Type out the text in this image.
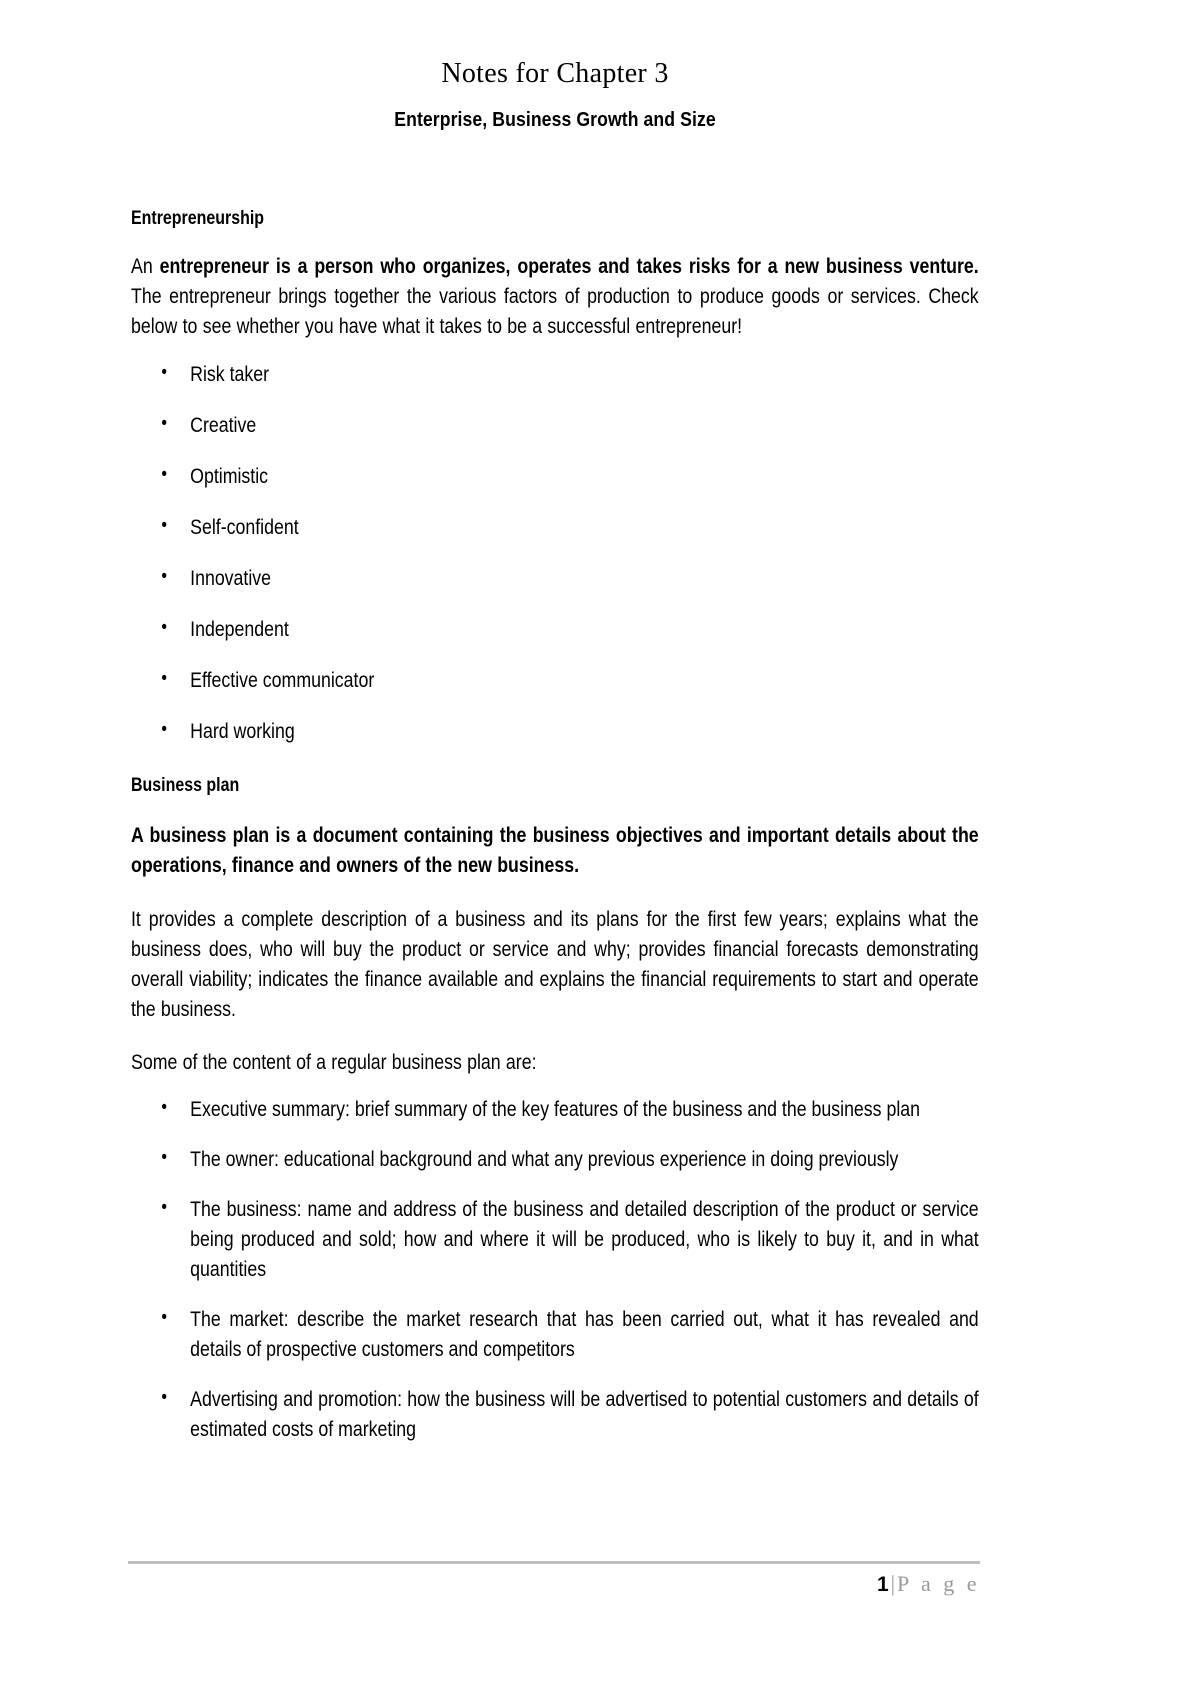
Notes for Chapter 3
Enterprise, Business Growth and Size
Entrepreneurship

An entrepreneur is a person who organizes, operates and takes risks for a new business venture. The entrepreneur brings together the various factors of production to produce goods or services. Check below to see whether you have what it takes to be a successful entrepreneur!

• Risk taker
• Creative
• Optimistic
• Self-confident
• Innovative
• Independent
• Effective communicator
• Hard working
Business plan

A business plan is a document containing the business objectives and important details about the operations, finance and owners of the new business.

It provides a complete description of a business and its plans for the first few years; explains what the business does, who will buy the product or service and why; provides financial forecasts demonstrating overall viability; indicates the finance available and explains the financial requirements to start and operate the business.

Some of the content of a regular business plan are:

• Executive summary: brief summary of the key features of the business and the business plan
• The owner: educational background and what any previous experience in doing previously
• The business: name and address of the business and detailed description of the product or service being produced and sold; how and where it will be produced, who is likely to buy it, and in what quantities
• The market: describe the market research that has been carried out, what it has revealed and details of prospective customers and competitors
• Advertising and promotion: how the business will be advertised to potential customers and details of estimated costs of marketing
1|P a g e
